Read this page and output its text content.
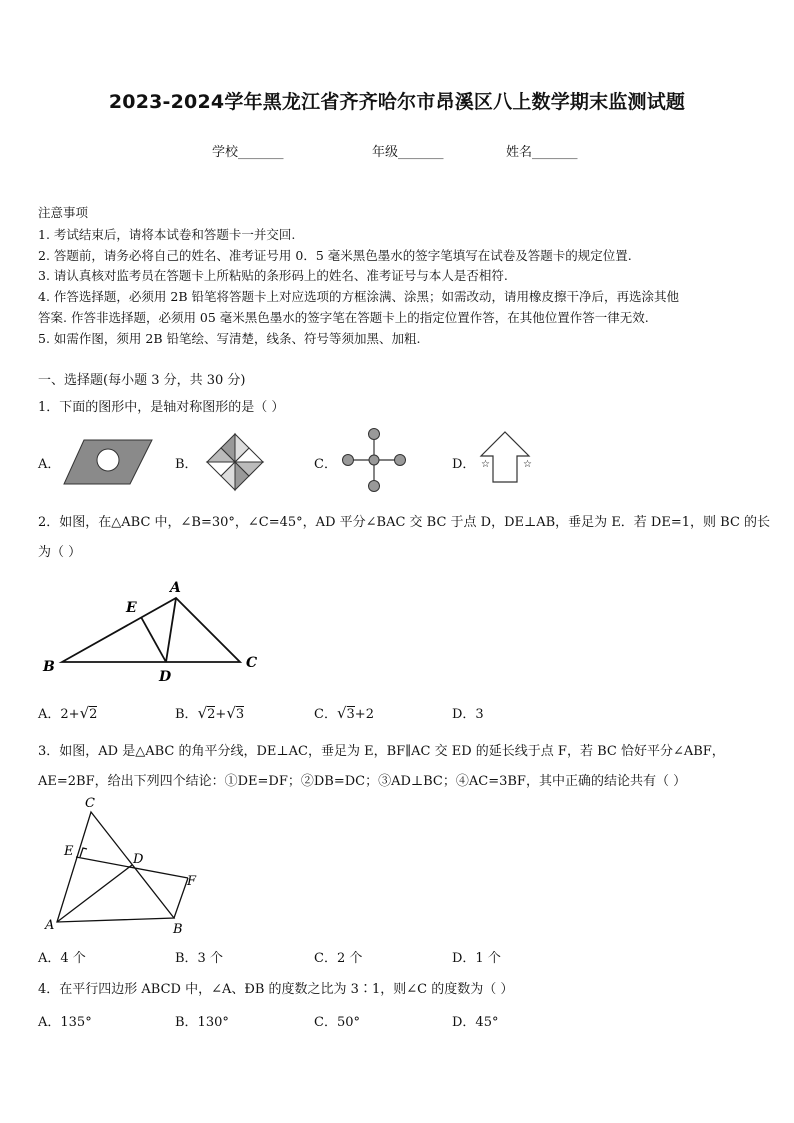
2023-2024学年黑龙江省齐齐哈尔市昂溪区八上数学期末监测试题
学校_______	年级_______	姓名_______
注意事项
1. 考试结束后，请将本试卷和答题卡一并交回.
2. 答题前，请务必将自己的姓名、准考证号用 0．5 毫米黑色墨水的签字笔填写在试卷及答题卡的规定位置.
3. 请认真核对监考员在答题卡上所粘贴的条形码上的姓名、准考证号与本人是否相符.
4. 作答选择题，必须用 2B 铅笔将答题卡上对应选项的方框涂满、涂黑；如需改动，请用橡皮擦干净后，再选涂其他
答案. 作答非选择题，必须用 05 毫米黑色墨水的签字笔在答题卡上的指定位置作答，在其他位置作答一律无效.
5. 如需作图，须用 2B 铅笔绘、写清楚，线条、符号等须加黑、加粗.
一、选择题(每小题 3 分，共 30 分)
1．下面的图形中，是轴对称图形的是（ ）
A．	B．	C．	D． ☆	☆
2．如图，在△ABC 中，∠B=30°，∠C=45°，AD 平分∠BAC 交 BC 于点 D，DE⊥AB，垂足为 E．若 DE=1，则 BC 的长
为（ ）
A
B	C
D
E
A．2+√2	B．√2+√3	C．√3+2	D．3
3．如图，AD 是△ABC 的角平分线，DE⊥AC，垂足为 E，BF∥AC 交 ED 的延长线于点 F，若 BC 恰好平分∠ABF，
AE=2BF，给出下列四个结论：①DE=DF；②DB=DC；③AD⊥BC；④AC=3BF，其中正确的结论共有（ ）
C
E
D
F
A	B
A．4 个	B．3 个	C．2 个	D．1 个
4．在平行四边形 ABCD 中，∠A、ÐB 的度数之比为 3∶1，则∠C 的度数为（ ）
A．135°	B．130°	C．50°	D．45°
